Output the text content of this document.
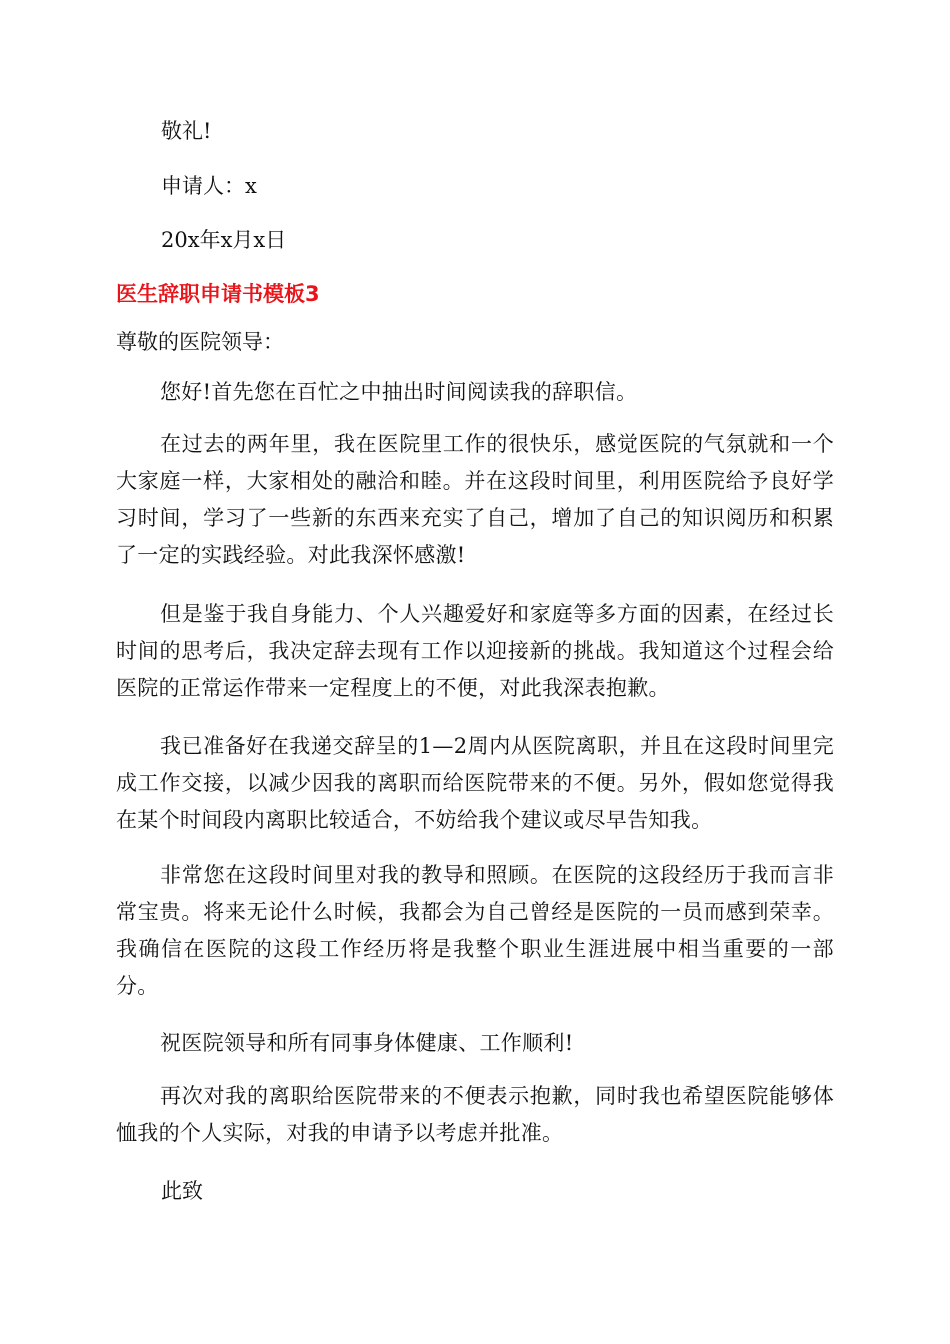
敬礼!

申请人：x

20x年x月x日

医生辞职申请书模板3

尊敬的医院领导：

您好!首先您在百忙之中抽出时间阅读我的辞职信。

在过去的两年里，我在医院里工作的很快乐，感觉医院的气氛就和一个大家庭一样，大家相处的融洽和睦。并在这段时间里，利用医院给予良好学习时间，学习了一些新的东西来充实了自己，增加了自己的知识阅历和积累了一定的实践经验。对此我深怀感激!

但是鉴于我自身能力、个人兴趣爱好和家庭等多方面的因素，在经过长时间的思考后，我决定辞去现有工作以迎接新的挑战。我知道这个过程会给医院的正常运作带来一定程度上的不便，对此我深表抱歉。

我已准备好在我递交辞呈的1—2周内从医院离职，并且在这段时间里完成工作交接，以减少因我的离职而给医院带来的不便。另外，假如您觉得我在某个时间段内离职比较适合，不妨给我个建议或尽早告知我。

非常您在这段时间里对我的教导和照顾。在医院的这段经历于我而言非常宝贵。将来无论什么时候，我都会为自己曾经是医院的一员而感到荣幸。我确信在医院的这段工作经历将是我整个职业生涯进展中相当重要的一部分。

祝医院领导和所有同事身体健康、工作顺利!

再次对我的离职给医院带来的不便表示抱歉，同时我也希望医院能够体恤我的个人实际，对我的申请予以考虑并批准。

此致
